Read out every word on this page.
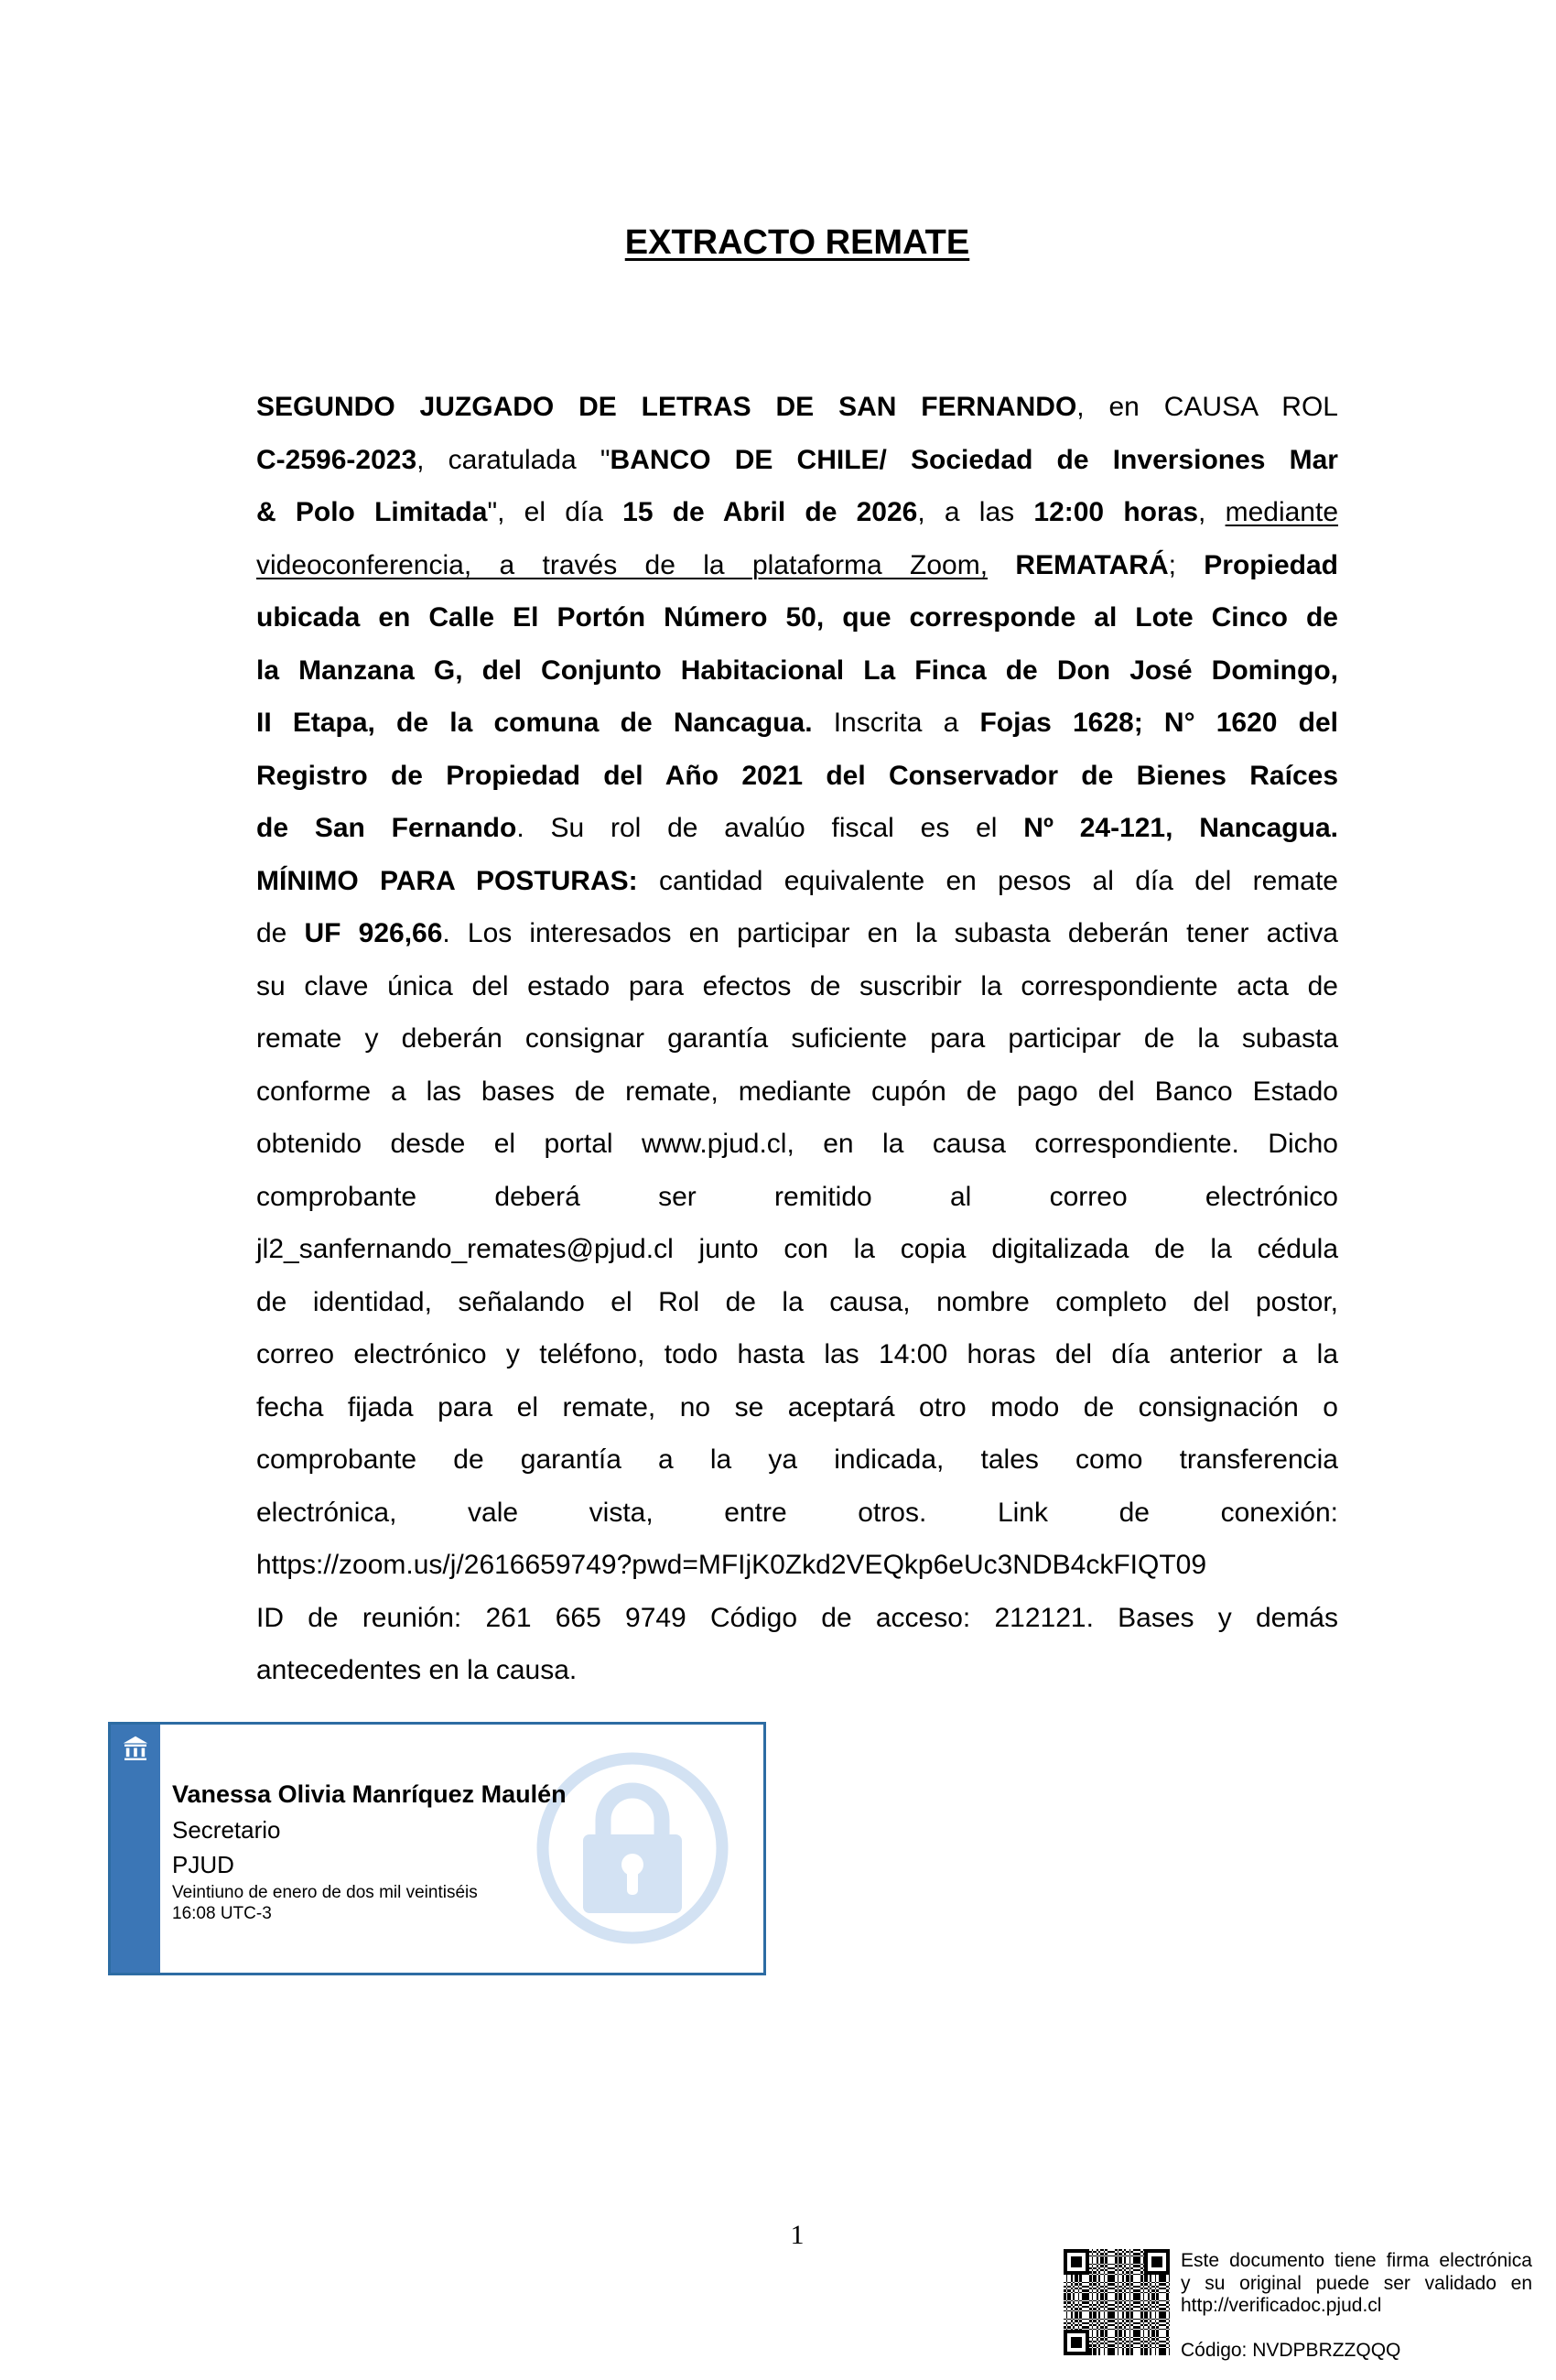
EXTRACTO REMATE
SEGUNDO JUZGADO DE LETRAS DE SAN FERNANDO, en CAUSA ROL
C-2596-2023, caratulada "BANCO DE CHILE/ Sociedad de Inversiones Mar
& Polo Limitada", el día 15 de Abril de 2026, a las 12:00 horas, mediante
videoconferencia, a través de la plataforma Zoom, REMATARÁ; Propiedad
ubicada en Calle El Portón Número 50, que corresponde al Lote Cinco de
la Manzana G, del Conjunto Habitacional La Finca de Don José Domingo,
II Etapa, de la comuna de Nancagua. Inscrita a Fojas 1628; N° 1620 del
Registro de Propiedad del Año 2021 del Conservador de Bienes Raíces
de San Fernando. Su rol de avalúo fiscal es el Nº 24-121, Nancagua.
MÍNIMO PARA POSTURAS: cantidad equivalente en pesos al día del remate
de UF 926,66. Los interesados en participar en la subasta deberán tener activa
su clave única del estado para efectos de suscribir la correspondiente acta de
remate y deberán consignar garantía suficiente para participar de la subasta
conforme a las bases de remate, mediante cupón de pago del Banco Estado
obtenido desde el portal www.pjud.cl, en la causa correspondiente. Dicho
comprobante deberá ser remitido al correo electrónico
jl2_sanfernando_remates@pjud.cl junto con la copia digitalizada de la cédula
de identidad, señalando el Rol de la causa, nombre completo del postor,
correo electrónico y teléfono, todo hasta las 14:00 horas del día anterior a la
fecha fijada para el remate, no se aceptará otro modo de consignación o
comprobante de garantía a la ya indicada, tales como transferencia
electrónica, vale vista, entre otros. Link de conexión:
https://zoom.us/j/2616659749?pwd=MFIjK0Zkd2VEQkp6eUc3NDB4ckFIQT09
ID de reunión: 261 665 9749 Código de acceso: 212121. Bases y demás
antecedentes en la causa.
Vanessa Olivia Manríquez Maulén
Secretario
PJUD
Veintiuno de enero de dos mil veintiséis
16:08 UTC-3
1
Este documento tiene firma electrónica
y su original puede ser validado en
http://verificadoc.pjud.cl
Código: NVDPBRZZQQQ
